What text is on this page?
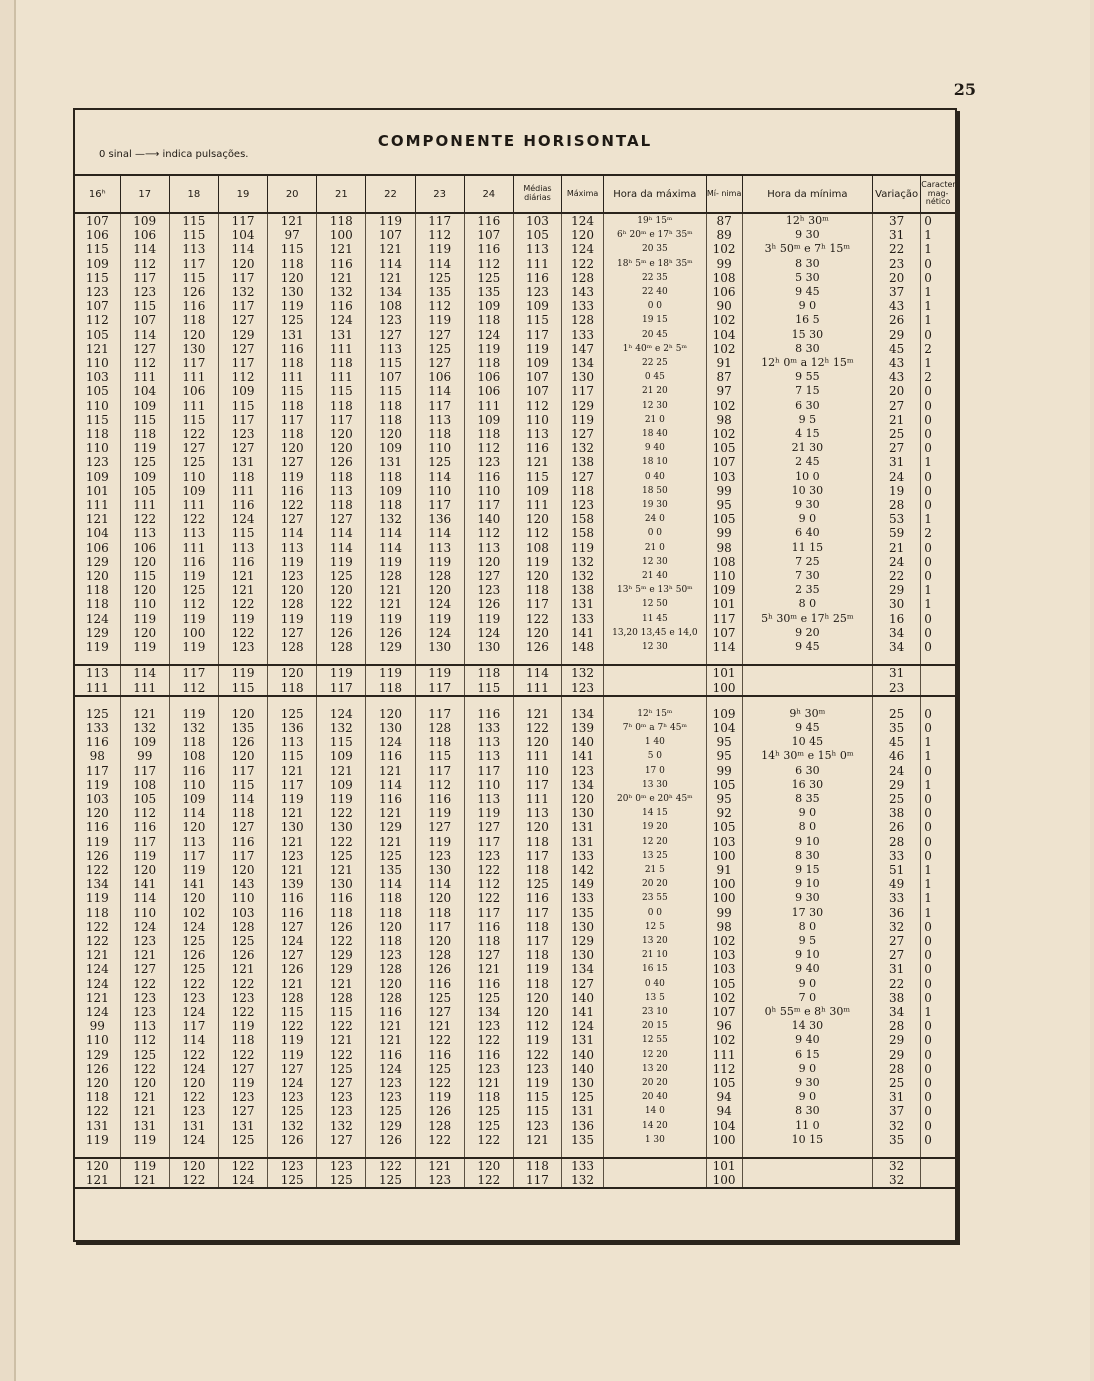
25
0 sinal —⟶ indica pulsações.
COMPONENTE HORISONTAL
16ʰ	17	18	19	20	21	22	23	24	Médias diárias	Máxima	Hora da máxima	Mí- nima	Hora da mínima	Variação	Caracter mag- nético
107	109	115	117	121	118	119	117	116	103	124	19ʰ 15ᵐ	87	12ʰ 30ᵐ	37	0
106	106	115	104	97	100	107	112	107	105	120	6ʰ 20ᵐ e 17ʰ 35ᵐ	89	9 30	31	1
115	114	113	114	115	121	121	119	116	113	124	20 35	102	3ʰ 50ᵐ e 7ʰ 15ᵐ	22	1
109	112	117	120	118	116	114	114	112	111	122	18ʰ 5ᵐ e 18ʰ 35ᵐ	99	8 30	23	0
115	117	115	117	120	121	121	125	125	116	128	22 35	108	5 30	20	0
123	123	126	132	130	132	134	135	135	123	143	22 40	106	9 45	37	1
107	115	116	117	119	116	108	112	109	109	133	0 0	90	9 0	43	1
112	107	118	127	125	124	123	119	118	115	128	19 15	102	16 5	26	1
105	114	120	129	131	131	127	127	124	117	133	20 45	104	15 30	29	0
121	127	130	127	116	111	113	125	119	119	147	1ʰ 40ᵐ e 2ʰ 5ᵐ	102	8 30	45	2
110	112	117	117	118	118	115	127	118	109	134	22 25	91	12ʰ 0ᵐ a 12ʰ 15ᵐ	43	1
103	111	111	112	111	111	107	106	106	107	130	0 45	87	9 55	43	2
105	104	106	109	115	115	115	114	106	107	117	21 20	97	7 15	20	0
110	109	111	115	118	118	118	117	111	112	129	12 30	102	6 30	27	0
115	115	115	117	117	117	118	113	109	110	119	21 0	98	9 5	21	0
118	118	122	123	118	120	120	118	118	113	127	18 40	102	4 15	25	0
110	119	127	127	120	120	109	110	112	116	132	9 40	105	21 30	27	0
123	125	125	131	127	126	131	125	123	121	138	18 10	107	2 45	31	1
109	109	110	118	119	118	118	114	116	115	127	0 40	103	10 0	24	0
101	105	109	111	116	113	109	110	110	109	118	18 50	99	10 30	19	0
111	111	111	116	122	118	118	117	117	111	123	19 30	95	9 30	28	0
121	122	122	124	127	127	132	136	140	120	158	24 0	105	9 0	53	1
104	113	113	115	114	114	114	114	112	112	158	0 0	99	6 40	59	2
106	106	111	113	113	114	114	113	113	108	119	21 0	98	11 15	21	0
129	120	116	116	119	119	119	119	120	119	132	12 30	108	7 25	24	0
120	115	119	121	123	125	128	128	127	120	132	21 40	110	7 30	22	0
118	120	125	121	120	120	121	120	123	118	138	13ʰ 5ᵐ e 13ʰ 50ᵐ	109	2 35	29	1
118	110	112	122	128	122	121	124	126	117	131	12 50	101	8 0	30	1
124	119	119	119	119	119	119	119	119	122	133	11 45	117	5ʰ 30ᵐ e 17ʰ 25ᵐ	16	0
129	120	100	122	127	126	126	124	124	120	141	13,20 13,45 e 14,0	107	9 20	34	0
119	119	119	123	128	128	129	130	130	126	148	12 30	114	9 45	34	0

113	114	117	119	120	119	119	119	118	114	132		101		31	
111	111	112	115	118	117	118	117	115	111	123		100		23	

125	121	119	120	125	124	120	117	116	121	134	12ʰ 15ᵐ	109	9ʰ 30ᵐ	25	0
133	132	132	135	136	132	130	128	133	122	139	7ʰ 0ᵐ a 7ʰ 45ᵐ	104	9 45	35	0
116	109	118	126	113	115	124	118	113	120	140	1 40	95	10 45	45	1
98	99	108	120	115	109	116	115	113	111	141	5 0	95	14ʰ 30ᵐ e 15ʰ 0ᵐ	46	1
117	117	116	117	121	121	121	117	117	110	123	17 0	99	6 30	24	0
119	108	110	115	117	109	114	112	110	117	134	13 30	105	16 30	29	1
103	105	109	114	119	119	116	116	113	111	120	20ʰ 0ᵐ e 20ʰ 45ᵐ	95	8 35	25	0
120	112	114	118	121	122	121	119	119	113	130	14 15	92	9 0	38	0
116	116	120	127	130	130	129	127	127	120	131	19 20	105	8 0	26	0
119	117	113	116	121	122	121	119	117	118	131	12 20	103	9 10	28	0
126	119	117	117	123	125	125	123	123	117	133	13 25	100	8 30	33	0
122	120	119	120	121	121	135	130	122	118	142	21 5	91	9 15	51	1
134	141	141	143	139	130	114	114	112	125	149	20 20	100	9 10	49	1
119	114	120	110	116	116	118	120	122	116	133	23 55	100	9 30	33	1
118	110	102	103	116	118	118	118	117	117	135	0 0	99	17 30	36	1
122	124	124	128	127	126	120	117	116	118	130	12 5	98	8 0	32	0
122	123	125	125	124	122	118	120	118	117	129	13 20	102	9 5	27	0
121	121	126	126	127	129	123	128	127	118	130	21 10	103	9 10	27	0
124	127	125	121	126	129	128	126	121	119	134	16 15	103	9 40	31	0
124	122	122	122	121	121	120	116	116	118	127	0 40	105	9 0	22	0
121	123	123	123	128	128	128	125	125	120	140	13 5	102	7 0	38	0
124	123	124	122	115	115	116	127	134	120	141	23 10	107	0ʰ 55ᵐ e 8ʰ 30ᵐ	34	1
99	113	117	119	122	122	121	121	123	112	124	20 15	96	14 30	28	0
110	112	114	118	119	121	121	122	122	119	131	12 55	102	9 40	29	0
129	125	122	122	119	122	116	116	116	122	140	12 20	111	6 15	29	0
126	122	124	127	127	125	124	125	123	123	140	13 20	112	9 0	28	0
120	120	120	119	124	127	123	122	121	119	130	20 20	105	9 30	25	0
118	121	122	123	123	123	123	119	118	115	125	20 40	94	9 0	31	0
122	121	123	127	125	123	125	126	125	115	131	14 0	94	8 30	37	0
131	131	131	131	132	132	129	128	125	123	136	14 20	104	11 0	32	0
119	119	124	125	126	127	126	122	122	121	135	1 30	100	10 15	35	0

120	119	120	122	123	123	122	121	120	118	133		101		32	
121	121	122	124	125	125	125	123	122	117	132		100		32	
